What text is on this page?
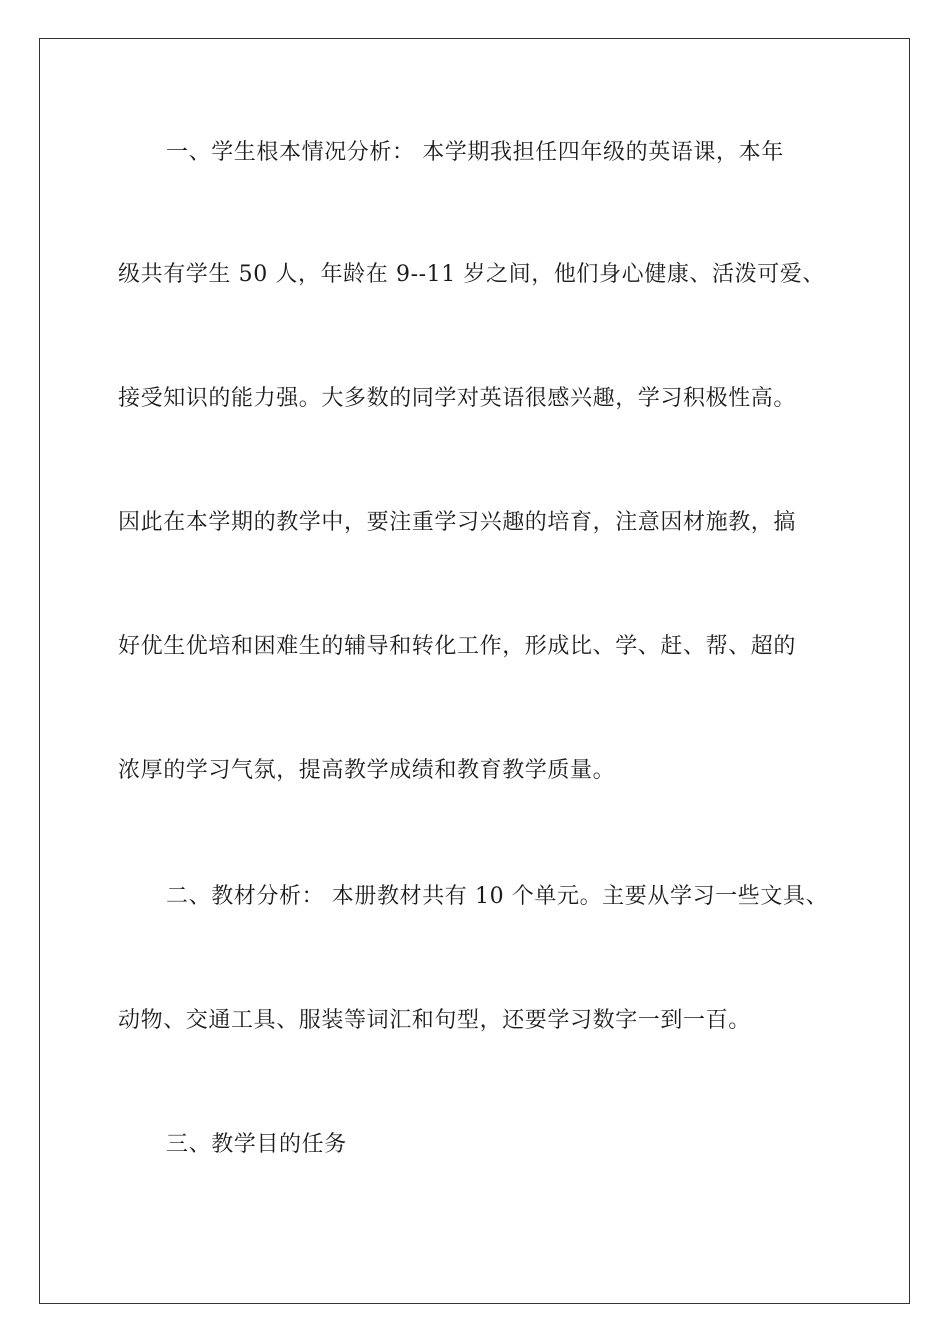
一、学生根本情况分析： 本学期我担任四年级的英语课，本年
级共有学生 50 人，年龄在 9--11 岁之间，他们身心健康、活泼可爱、
接受知识的能力强。大多数的同学对英语很感兴趣，学习积极性高。
因此在本学期的教学中，要注重学习兴趣的培育，注意因材施教，搞
好优生优培和困难生的辅导和转化工作，形成比、学、赶、帮、超的
浓厚的学习气氛，提高教学成绩和教育教学质量。
二、教材分析： 本册教材共有 10 个单元。主要从学习一些文具、
动物、交通工具、服装等词汇和句型，还要学习数字一到一百。
三、教学目的任务
